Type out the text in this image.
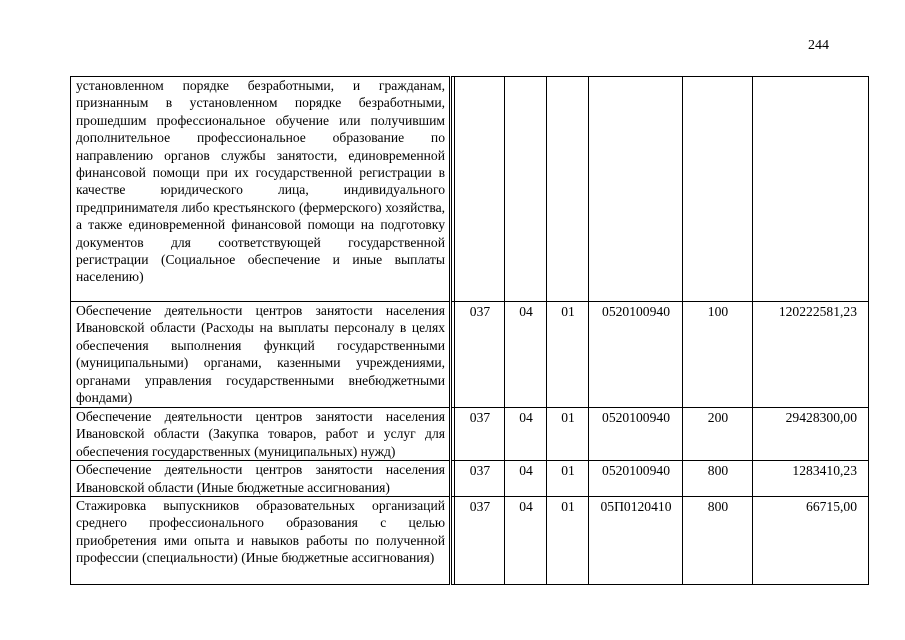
244
установленном порядке безработными, и гражданам, признанным в установленном порядке безработными, прошедшим профессиональное обучение или получившим дополнительное профессиональное образование по направлению органов службы занятости, единовременной финансовой помощи при их государственной регистрации в качестве юридического лица, индивидуального предпринимателя либо крестьянского (фермерского) хозяйства, а также единовременной финансовой помощи на подготовку документов для соответствующей государственной регистрации (Социальное обеспечение и иные выплаты населению)							
Обеспечение деятельности центров занятости населения Ивановской области (Расходы на выплаты персоналу в целях обеспечения выполнения функций государственными (муниципальными) органами, казенными учреждениями, органами управления государственными внебюджетными фондами)		037	04	01	0520100940	100	120222581,23
Обеспечение деятельности центров занятости населения Ивановской области (Закупка товаров, работ и услуг для обеспечения государственных (муниципальных) нужд)		037	04	01	0520100940	200	29428300,00
Обеспечение деятельности центров занятости населения Ивановской области (Иные бюджетные ассигнования)		037	04	01	0520100940	800	1283410,23
Стажировка выпускников образовательных организаций среднего профессионального образования с целью приобретения ими опыта и навыков работы по полученной профессии (специальности) (Иные бюджетные ассигнования)		037	04	01	05П0120410	800	66715,00
